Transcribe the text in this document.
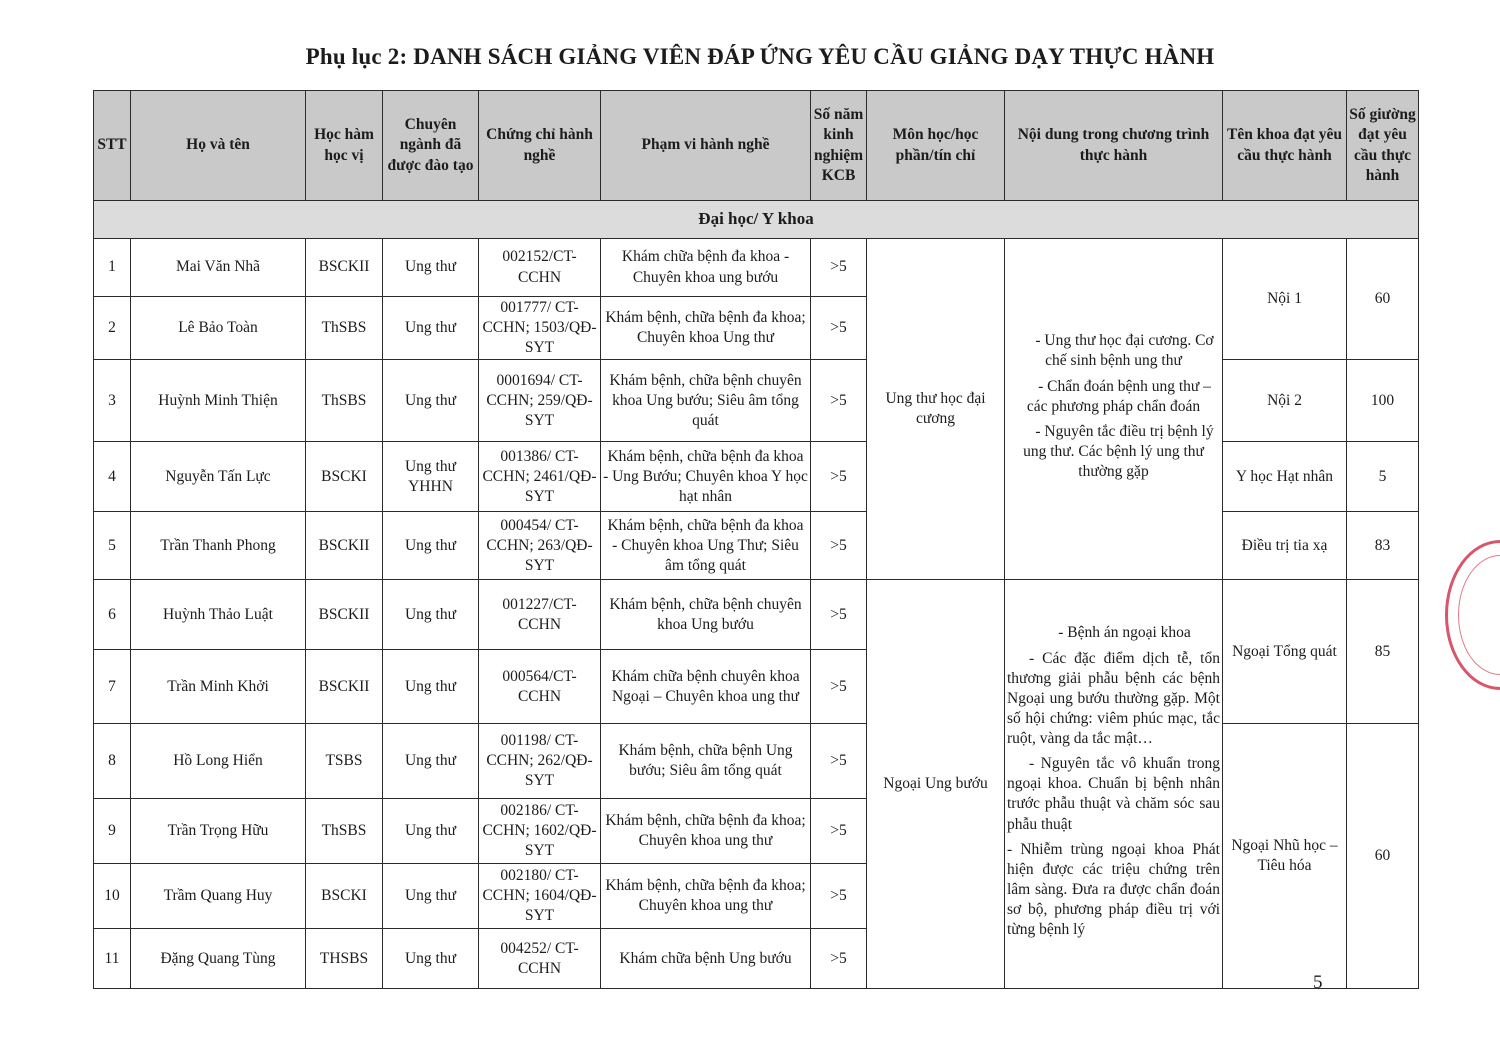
Phụ lục 2: DANH SÁCH GIẢNG VIÊN ĐÁP ỨNG YÊU CẦU GIẢNG DẠY THỰC HÀNH
STT	Họ và tên	Học hàm học vị	Chuyên ngành đã được đào tạo	Chứng chỉ hành nghề	Phạm vi hành nghề	Số năm kinh nghiệm KCB	Môn học/học phần/tín chỉ	Nội dung trong chương trình thực hành	Tên khoa đạt yêu cầu thực hành	Số giường đạt yêu cầu thực hành
Đại học/ Y khoa										
1	Mai Văn Nhã	BSCKII	Ung thư	002152/CT-CCHN	Khám chữa bệnh đa khoa - Chuyên khoa ung bướu	>5	Ung thư học đại cương	- Ung thư học đại cương. Cơ chế sinh bệnh ung thư

- Chẩn đoán bệnh ung thư – các phương pháp chẩn đoán

- Nguyên tắc điều trị bệnh lý ung thư. Các bệnh lý ung thư thường gặp	Nội 1	60
2	Lê Bảo Toàn	ThSBS	Ung thư	001777/ CT-CCHN; 1503/QĐ-SYT	Khám bệnh, chữa bệnh đa khoa; Chuyên khoa Ung thư	>5				
3	Huỳnh Minh Thiện	ThSBS	Ung thư	0001694/ CT-CCHN; 259/QĐ-SYT	Khám bệnh, chữa bệnh chuyên khoa Ung bướu; Siêu âm tổng quát	>5			Nội 2	100
4	Nguyễn Tấn Lực	BSCKI	Ung thư YHHN	001386/ CT-CCHN; 2461/QĐ-SYT	Khám bệnh, chữa bệnh đa khoa - Ung Bướu; Chuyên khoa Y học hạt nhân	>5			Y học Hạt nhân	5
5	Trần Thanh Phong	BSCKII	Ung thư	000454/ CT-CCHN; 263/QĐ-SYT	Khám bệnh, chữa bệnh đa khoa - Chuyên khoa Ung Thư; Siêu âm tổng quát	>5			Điều trị tia xạ	83
6	Huỳnh Thảo Luật	BSCKII	Ung thư	001227/CT-CCHN	Khám bệnh, chữa bệnh chuyên khoa Ung bướu	>5	Ngoại Ung bướu	- Bệnh án ngoại khoa

- Các đặc điểm dịch tễ, tổn thương giải phẫu bệnh các bệnh Ngoại ung bướu thường gặp. Một số hội chứng: viêm phúc mạc, tắc ruột, vàng da tắc mật…

- Nguyên tắc vô khuẩn trong ngoại khoa. Chuẩn bị bệnh nhân trước phẫu thuật và chăm sóc sau phẫu thuật

- Nhiễm trùng ngoại khoa Phát hiện được các triệu chứng trên lâm sàng. Đưa ra được chẩn đoán sơ bộ, phương pháp điều trị với từng bệnh lý	Ngoại Tổng quát	85
7	Trần Minh Khởi	BSCKII	Ung thư	000564/CT-CCHN	Khám chữa bệnh chuyên khoa Ngoại – Chuyên khoa ung thư	>5				
8	Hồ Long Hiển	TSBS	Ung thư	001198/ CT-CCHN; 262/QĐ-SYT	Khám bệnh, chữa bệnh Ung bướu; Siêu âm tổng quát	>5			Ngoại Nhũ học – Tiêu hóa	60
9	Trần Trọng Hữu	ThSBS	Ung thư	002186/ CT-CCHN; 1602/QĐ-SYT	Khám bệnh, chữa bệnh đa khoa; Chuyên khoa ung thư	>5				
10	Trầm Quang Huy	BSCKI	Ung thư	002180/ CT-CCHN; 1604/QĐ-SYT	Khám bệnh, chữa bệnh đa khoa; Chuyên khoa ung thư	>5				
11	Đặng Quang Tùng	THSBS	Ung thư	004252/ CT-CCHN	Khám chữa bệnh Ung bướu	>5				
5
